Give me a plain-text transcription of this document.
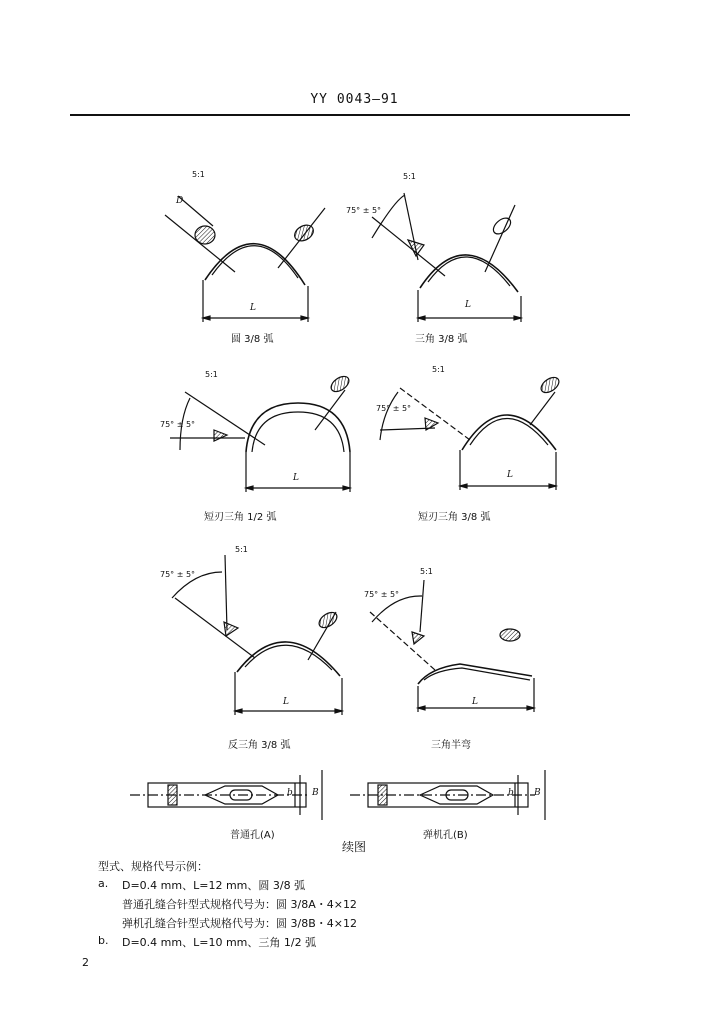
YY 0043—91
5:1
D
L
圆 3/8 弧
5:1
75° ± 5°
L
三角 3/8 弧
5:1
75° ± 5°
L
短刃三角 1/2 弧
5:1
75° ± 5°
L
短刃三角 3/8 弧
5:1
75° ± 5°
L
反三角 3/8 弧
5:1
75° ± 5°
L
三角半弯
b B
普通孔(A)
b B
弹机孔(B)
续图
型式、规格代号示例：
a. D=0.4 mm、L=12 mm、圆 3/8 弧
普通孔缝合针型式规格代号为：圆 3/8A・4×12
弹机孔缝合针型式规格代号为：圆 3/8B・4×12
b. D=0.4 mm、L=10 mm、三角 1/2 弧
2
